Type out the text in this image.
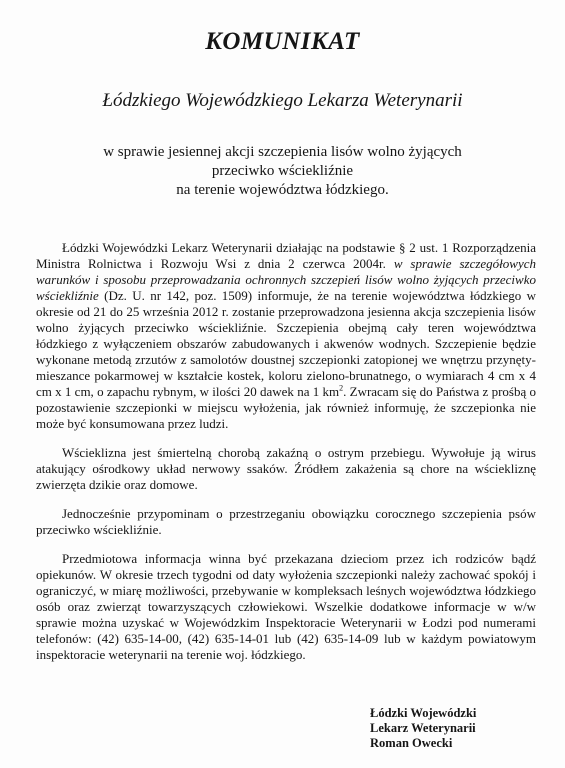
KOMUNIKAT
Łódzkiego Wojewódzkiego Lekarza Weterynarii
w sprawie jesiennej akcji szczepienia lisów wolno żyjących
przeciwko wściekliźnie
na terenie województwa łódzkiego.

Łódzki Wojewódzki Lekarz Weterynarii działając na podstawie § 2 ust. 1 Rozporządzenia Ministra Rolnictwa i Rozwoju Wsi z dnia 2 czerwca 2004r. w sprawie szczegółowych warunków i sposobu przeprowadzania ochronnych szczepień lisów wolno żyjących przeciwko wściekliźnie (Dz. U. nr 142, poz. 1509) informuje, że na terenie województwa łódzkiego w okresie od 21 do 25 września 2012 r. zostanie przeprowadzona jesienna akcja szczepienia lisów wolno żyjących przeciwko wściekliźnie. Szczepienia obejmą cały teren województwa łódzkiego z wyłączeniem obszarów zabudowanych i akwenów wodnych. Szczepienie będzie wykonane metodą zrzutów z samolotów doustnej szczepionki zatopionej we wnętrzu przynęty-mieszance pokarmowej w kształcie kostek, koloru zielono-brunatnego, o wymiarach 4 cm x 4 cm x 1 cm, o zapachu rybnym, w ilości 20 dawek na 1 $km^2$. Zwracam się do Państwa z prośbą o pozostawienie szczepionki w miejscu wyłożenia, jak również informuję, że szczepionka nie może być konsumowana przez ludzi.

Wścieklizna jest śmiertelną chorobą zakaźną o ostrym przebiegu. Wywołuje ją wirus atakujący ośrodkowy układ nerwowy ssaków. Źródłem zakażenia są chore na wściekliznę zwierzęta dzikie oraz domowe.

Jednocześnie przypominam o przestrzeganiu obowiązku corocznego szczepienia psów przeciwko wściekliźnie.

Przedmiotowa informacja winna być przekazana dzieciom przez ich rodziców bądź opiekunów. W okresie trzech tygodni od daty wyłożenia szczepionki należy zachować spokój i ograniczyć, w miarę możliwości, przebywanie w kompleksach leśnych województwa łódzkiego osób oraz zwierząt towarzyszących człowiekowi. Wszelkie dodatkowe informacje w w/w sprawie można uzyskać w Wojewódzkim Inspektoracie Weterynarii w Łodzi pod numerami telefonów: (42) 635-14-00, (42) 635-14-01 lub (42) 635-14-09 lub w każdym powiatowym inspektoracie weterynarii na terenie woj. łódzkiego.

Łódzki Wojewódzki
Lekarz Weterynarii
Roman Owecki
